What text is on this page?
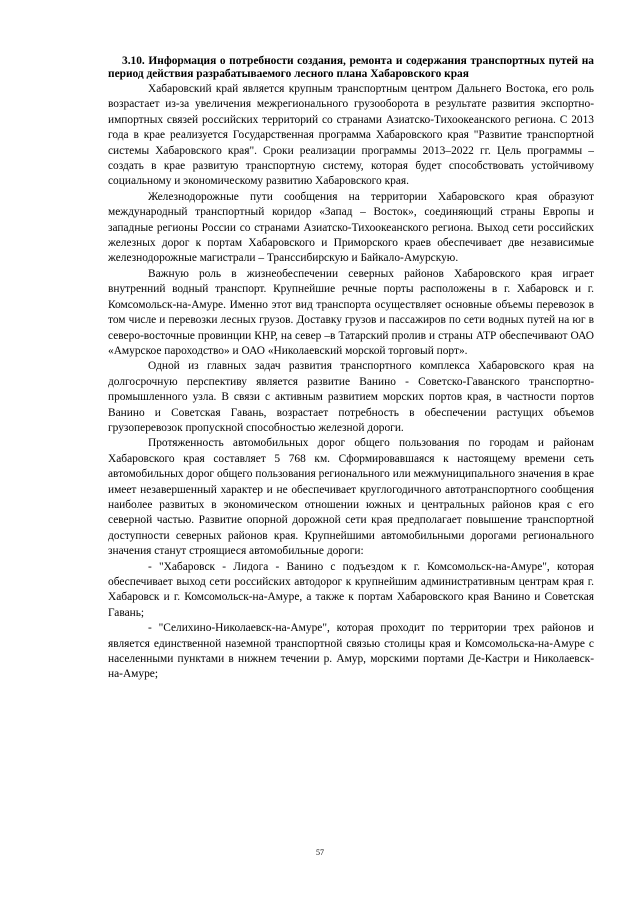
3.10. Информация о потребности создания, ремонта и содержания транспортных путей на период действия разрабатываемого лесного плана Хабаровского края

Хабаровский край является крупным транспортным центром Дальнего Востока, его роль возрастает из-за увеличения межрегионального грузооборота в результате развития экспортно-импортных связей российских территорий со странами Азиатско-Тихоокеанского региона. С 2013 года в крае реализуется Государственная программа Хабаровского края "Развитие транспортной системы Хабаровского края". Сроки реализации программы 2013–2022 гг. Цель программы – создать в крае развитую транспортную систему, которая будет способствовать устойчивому социальному и экономическому развитию Хабаровского края.

Железнодорожные пути сообщения на территории Хабаровского края образуют международный транспортный коридор «Запад – Восток», соединяющий страны Европы и западные регионы России со странами Азиатско-Тихоокеанского региона. Выход сети российских железных дорог к портам Хабаровского и Приморского краев обеспечивает две независимые железнодорожные магистрали – Транссибирскую и Байкало-Амурскую.

Важную роль в жизнеобеспечении северных районов Хабаровского края играет внутренний водный транспорт. Крупнейшие речные порты расположены в г. Хабаровск и г. Комсомольск-на-Амуре. Именно этот вид транспорта осуществляет основные объемы перевозок в том числе и перевозки лесных грузов. Доставку грузов и пассажиров по сети водных путей на юг в северо-восточные провинции КНР, на север –в Татарский пролив и страны АТР обеспечивают ОАО «Амурское пароходство» и ОАО «Николаевский морской торговый порт».

Одной из главных задач развития транспортного комплекса Хабаровского края на долгосрочную перспективу является развитие Ванино - Советско-Гаванского транспортно-промышленного узла. В связи с активным развитием морских портов края, в частности портов Ванино и Советская Гавань, возрастает потребность в обеспечении растущих объемов грузоперевозок пропускной способностью железной дороги.

Протяженность автомобильных дорог общего пользования по городам и районам Хабаровского края составляет 5 768 км. Сформировавшаяся к настоящему времени сеть автомобильных дорог общего пользования регионального или межмуниципального значения в крае имеет незавершенный характер и не обеспечивает круглогодичного автотранспортного сообщения наиболее развитых в экономическом отношении южных и центральных районов края с его северной частью. Развитие опорной дорожной сети края предполагает повышение транспортной доступности северных районов края. Крупнейшими автомобильными дорогами регионального значения станут строящиеся автомобильные дороги:

- "Хабаровск - Лидога - Ванино с подъездом к г. Комсомольск-на-Амуре", которая обеспечивает выход сети российских автодорог к крупнейшим административным центрам края г. Хабаровск и г. Комсомольск-на-Амуре, а также к портам Хабаровского края Ванино и Советская Гавань;

- "Селихино-Николаевск-на-Амуре", которая проходит по территории трех районов и является единственной наземной транспортной связью столицы края и Комсомольска-на-Амуре с населенными пунктами в нижнем течении р. Амур, морскими портами Де-Кастри и Николаевск-на-Амуре;

57
